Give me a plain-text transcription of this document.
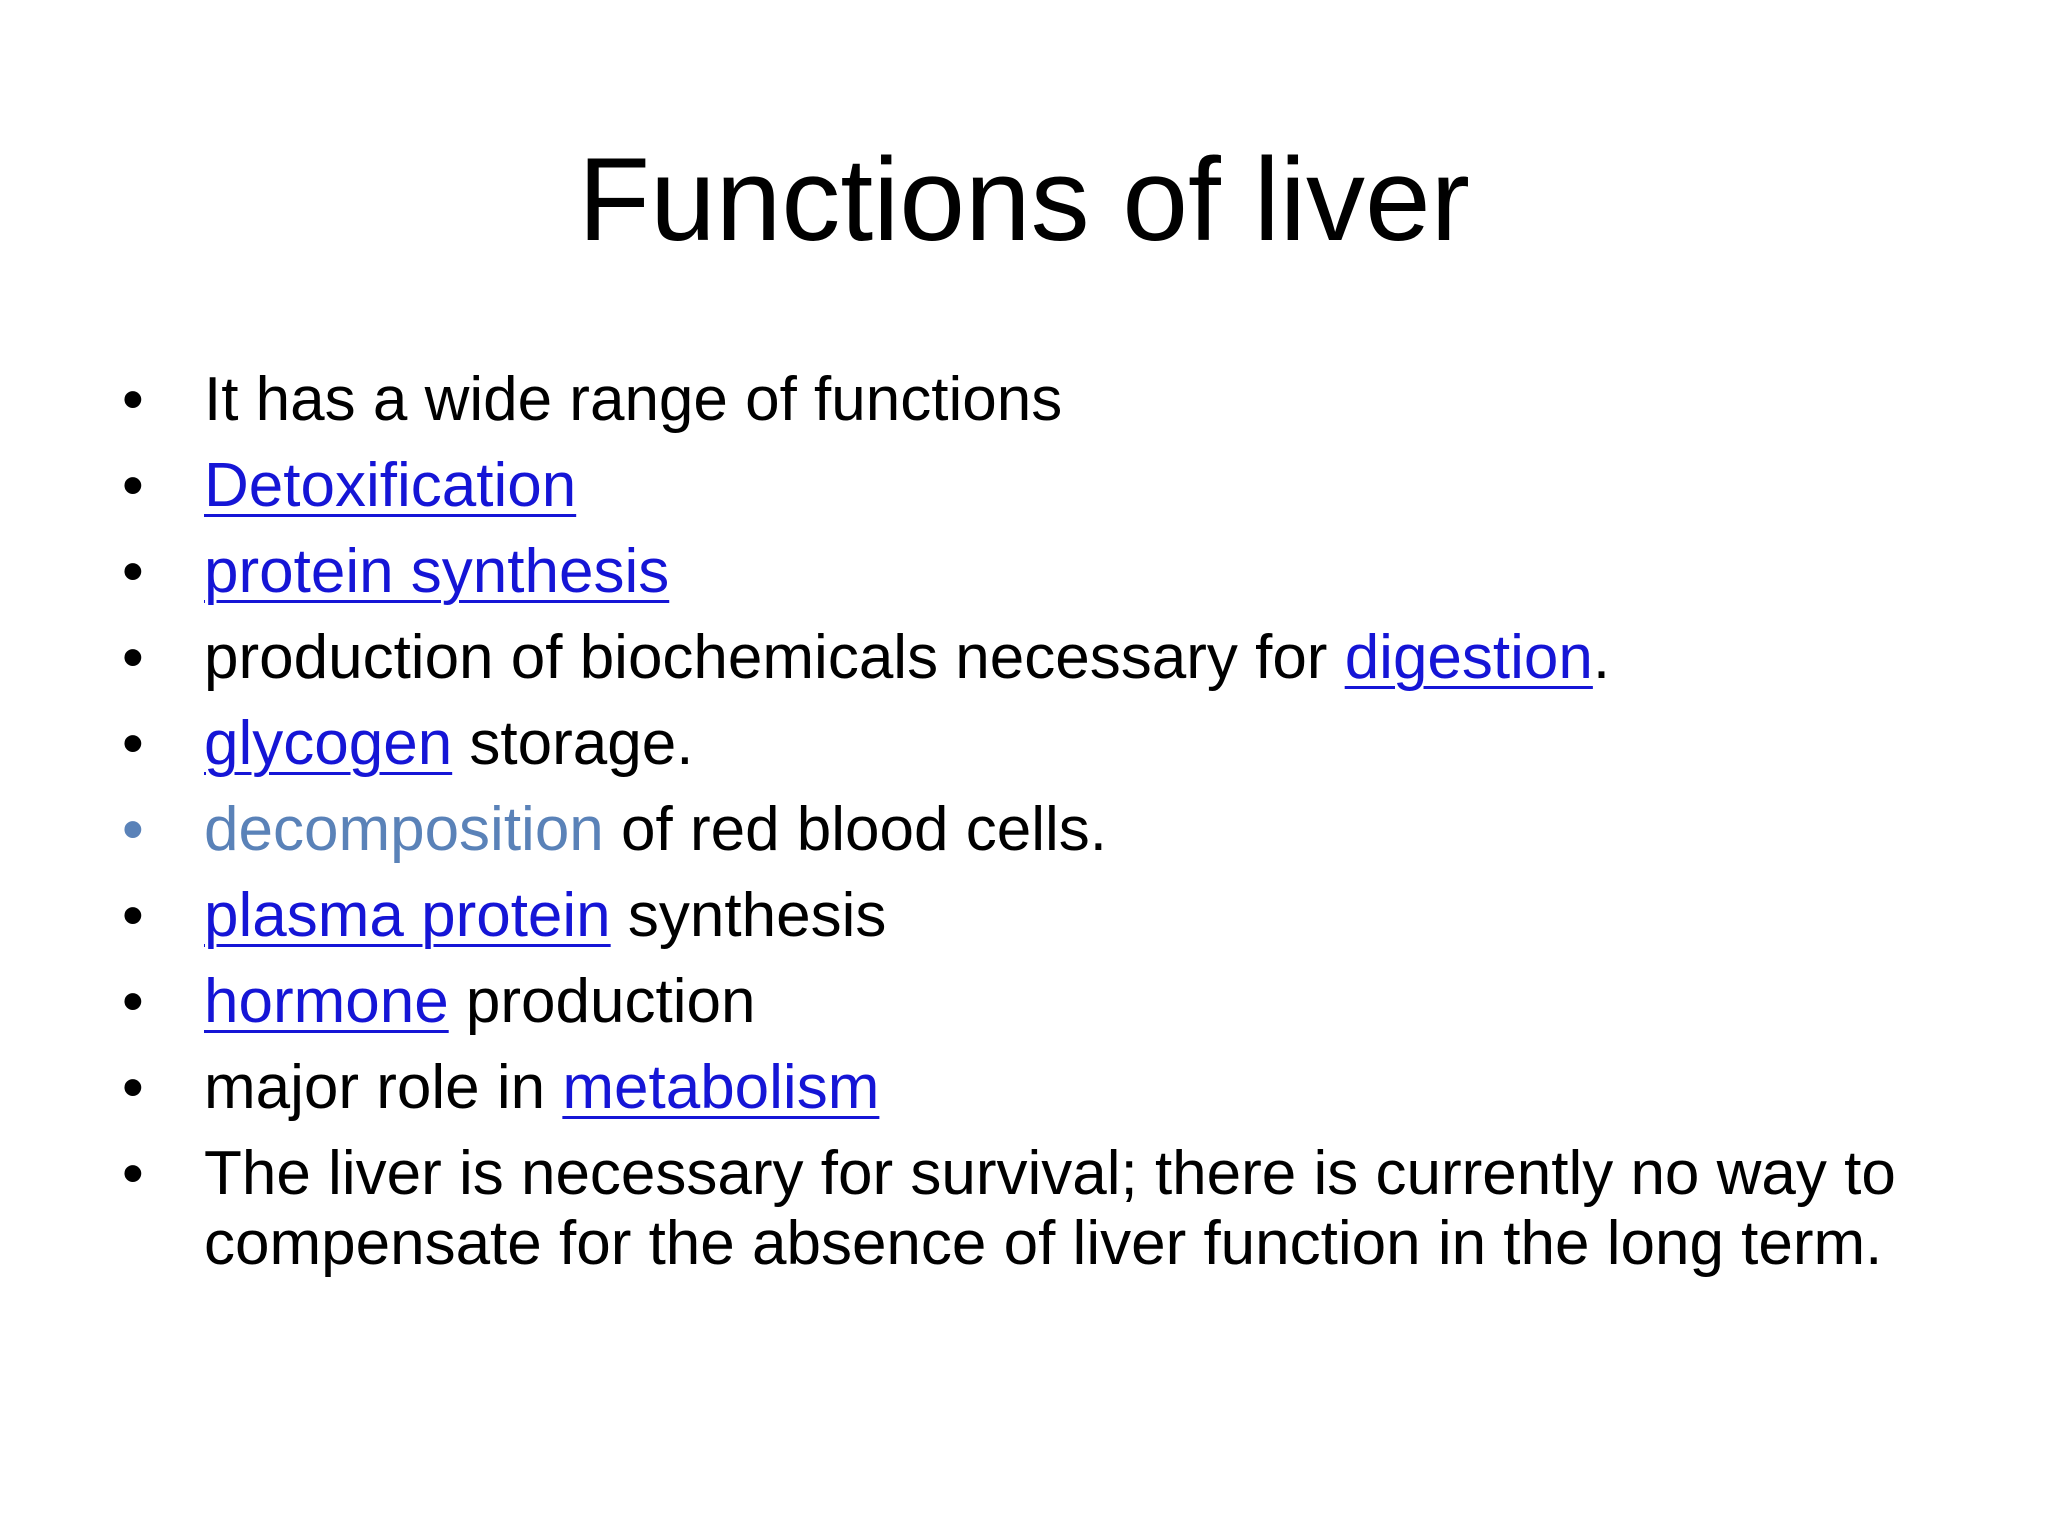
Functions of liver
• It has a wide range of functions
• Detoxification
• protein synthesis
• production of biochemicals necessary for digestion.
• glycogen storage.
• decomposition of red blood cells.
• plasma protein synthesis
• hormone production
• major role in metabolism
• The liver is necessary for survival; there is currently no way to compensate for the absence of liver function in the long term.
